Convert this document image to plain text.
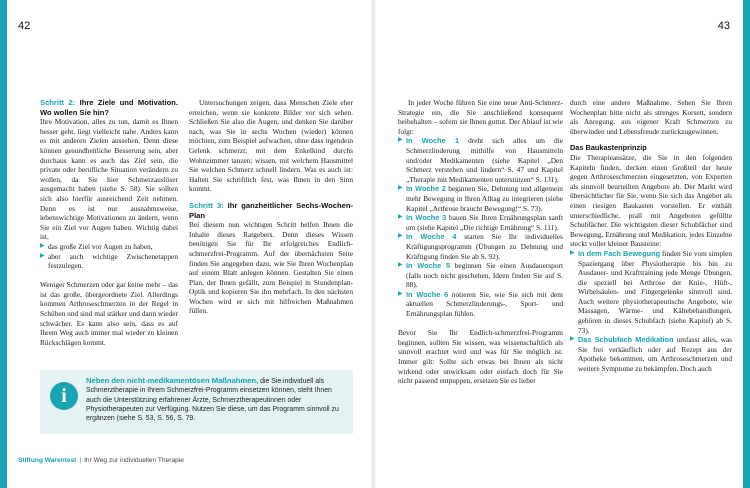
42

Schritt 2: Ihre Ziele und Motivation. Wo wollen Sie hin?

Ihre Motivation, alles zu tun, damit es Ihnen besser geht, liegt vielleicht nahe. Anders kann es mit anderen Zielen aussehen. Denn diese können gesundheitliche Besserung sein, aber durchaus kann es auch das Ziel sein, die private oder berufliche Situation verändern zu wollen, da Sie hier Schmerzauslöser ausgemacht haben (siehe S. 58). Sie sollten sich also hierfür ausreichend Zeit nehmen. Denn es ist nur ausnahmsweise, lebenswichtige Motivationen zu ändern, wenn Sie ein Ziel vor Augen haben. Wichtig dabei ist,

▶ das große Ziel vor Augen zu haben,
▶ aber auch wichtige Zwischenetappen festzulegen.

Weniger Schmerzen oder gar keine mehr – das ist das große, übergeordnete Ziel. Allerdings kommen Arthroseschmerzen in der Regel in Schüben und sind mal stärker und dann wieder schwächer. Es kann also sein, dass es auf Ihrem Weg auch immer mal wieder zu kleinen Rückschlägen kommt.

Untersuchungen zeigen, dass Menschen Ziele eher erreichen, wenn sie konkrete Bilder vor sich sehen. Schließen Sie also die Augen, und denken Sie darüber nach, was Sie in sechs Wochen (wieder) können möchten, zum Beispiel aufwachen, ohne dass irgendein Gelenk schmerzt; mit dem Enkelkind durchs Wohnzimmer tanzen; wissen, mit welchem Hausmittel Sie welchen Schmerz schnell lindern. Was es auch ist: Halten Sie schriftlich fest, was Ihnen in den Sinn kommt.

Schritt 3: Ihr ganzheitlicher Sechs-Wochen-Plan

Bei diesem nun wichtigen Schritt helfen Ihnen die Inhalte dieses Ratgebers. Denn dieses Wissen benötigen Sie für Ihr erfolgreiches Endlich-schmerzfrei-Programm. Auf der übernächsten Seite finden Sie angegeben dazu, wie Sie Ihren Wochenplan auf einem Blatt anlegen können. Gestalten Sie einen Plan, der Ihnen gefällt, zum Beispiel in Stundenplan-Optik und kopieren Sie ihn mehrfach. In den nächsten Wochen wird er sich mit hilfreichen Maßnahmen füllen.

i
Neben den nicht-medikamentösen Maßnahmen, die Sie individuell als Schmerztherapie in Ihrem Schmerzfrei-Programm einsetzen können, steht Ihnen auch die Unterstützung erfahrener Ärzte, Schmerztherapeutinnen oder Physiotherapeuten zur Verfügung. Nutzen Sie diese, um das Programm sinnvoll zu ergänzen (siehe S. 53, S. 56, S. 79.
Stiftung Warentest | Ihr Weg zur individuellen Therapie
43

In jeder Woche führen Sie eine neue Anti-Schmerz-Strategie ein, die Sie anschließend konsequent beibehalten – sofern sie Ihnen guttut. Der Ablauf ist wie folgt:

▶ In Woche 1 dreht sich alles um die Schmerzlinderung mithilfe von Hausmitteln und/oder Medikamenten (siehe Kapitel „Den Schmerz verstehen und lindern“ S. 47 und Kapitel „Therapie mit Medikamenten unterstützen“ S. 131).
▶ In Woche 2 beginnen Sie, Dehnung und allgemein mehr Bewegung in Ihren Alltag zu integrieren (siehe Kapitel „Arthrose braucht Bewegung!“ S. 73).
▶ In Woche 3 bauen Sie Ihren Ernährungsplan sanft um (siehe Kapitel „Die richtige Ernährung“ S. 111).
▶ In Woche 4 starten Sie Ihr individuelles Kräftigungsprogramm (Übungen zu Dehnung und Kräftigung finden Sie ab S. 92).
▶ In Woche 5 beginnen Sie einen Ausdauersport (falls noch nicht geschehen, Ideen finden Sie auf S. 88).
▶ In Woche 6 notieren Sie, wie Sie sich mit dem aktuellen Schmerzlinderungs-, Sport- und Ernährungsplan fühlen.

Bevor Sie Ihr Endlich-schmerzfrei-Programm beginnen, sollten Sie wissen, was wissenschaftlich als sinnvoll erachtet wird und was für Sie möglich ist. Immer gilt: Sollte sich etwas bei Ihnen als nicht wirkend oder unwirksam oder einfach doch für Sie nicht passend entpuppen, ersetzen Sie es lieber

durch eine andere Maßnahme. Sehen Sie Ihren Wochenplan bitte nicht als strenges Korsett, sondern als Anregung, aus eigener Kraft Schmerzen zu überwinden und Lebensfreude zurückzugewinnen.

Das Baukastenprinzip

Die Therapieansätze, die Sie in den folgenden Kapiteln finden, decken einen Großteil der heute gegen Arthroseschmerzen eingesetzten, von Experten als sinnvoll beurteilten Angebote ab. Der Markt wird übersichtlicher für Sie, wenn Sie sich das Angebot als einen riesigen Baukasten vorstellen. Er enthält unterschiedliche, prall mit Angeboten gefüllte Schubfächer. Die wichtigsten dieser Schubfächer sind Bewegung, Ernährung und Medikation, jedes Einzelne steckt voller kleiner Bausteine:

▶ In dem Fach Bewegung finden Sie vom simplen Spaziergang über Physiotherapie bis hin zu Ausdauer- und Krafttraining jede Menge Übungen, die speziell bei Arthrose der Knie-, Hüft-, Wirbelsäulen- und Fingergelenke sinnvoll sind. Auch weitere physiotherapeutische Angebote, wie Massagen, Wärme- und Kältebehandlungen, gehören in dieses Schubfach (siehe Kapitel) ab S. 73).
▶ Das Schubfach Medikation umfasst alles, was Sie frei verkäuflich oder auf Rezept aus der Apotheke bekommen, um Arthroseschmerzen und weitere Symptome zu bekämpfen. Doch auch
